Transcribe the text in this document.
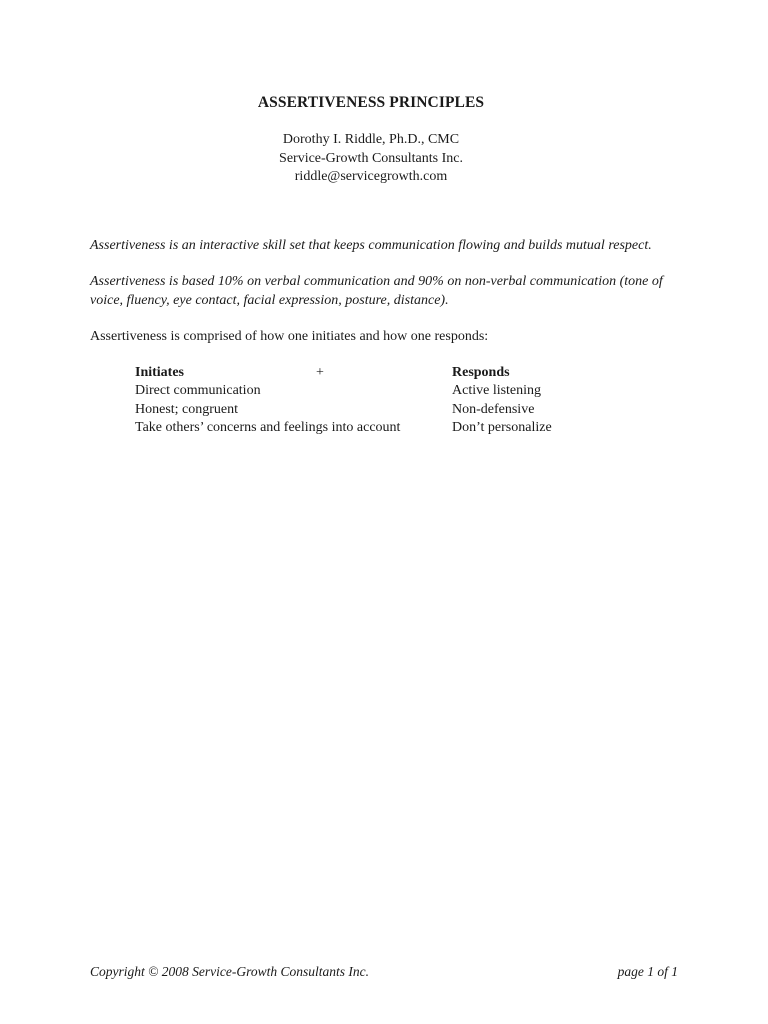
ASSERTIVENESS PRINCIPLES
Dorothy I. Riddle, Ph.D., CMC
Service-Growth Consultants Inc.
riddle@servicegrowth.com
Assertiveness is an interactive skill set that keeps communication flowing and builds mutual respect.
Assertiveness is based 10% on verbal communication and 90% on non-verbal communication (tone of voice, fluency, eye contact, facial expression, posture, distance).
Assertiveness is comprised of how one initiates and how one responds:
Initiates	+	Responds
Direct communication	Active listening
Honest; congruent	Non-defensive
Take others’ concerns and feelings into account	Don’t personalize
Copyright © 2008 Service-Growth Consultants Inc.	page 1 of 1
